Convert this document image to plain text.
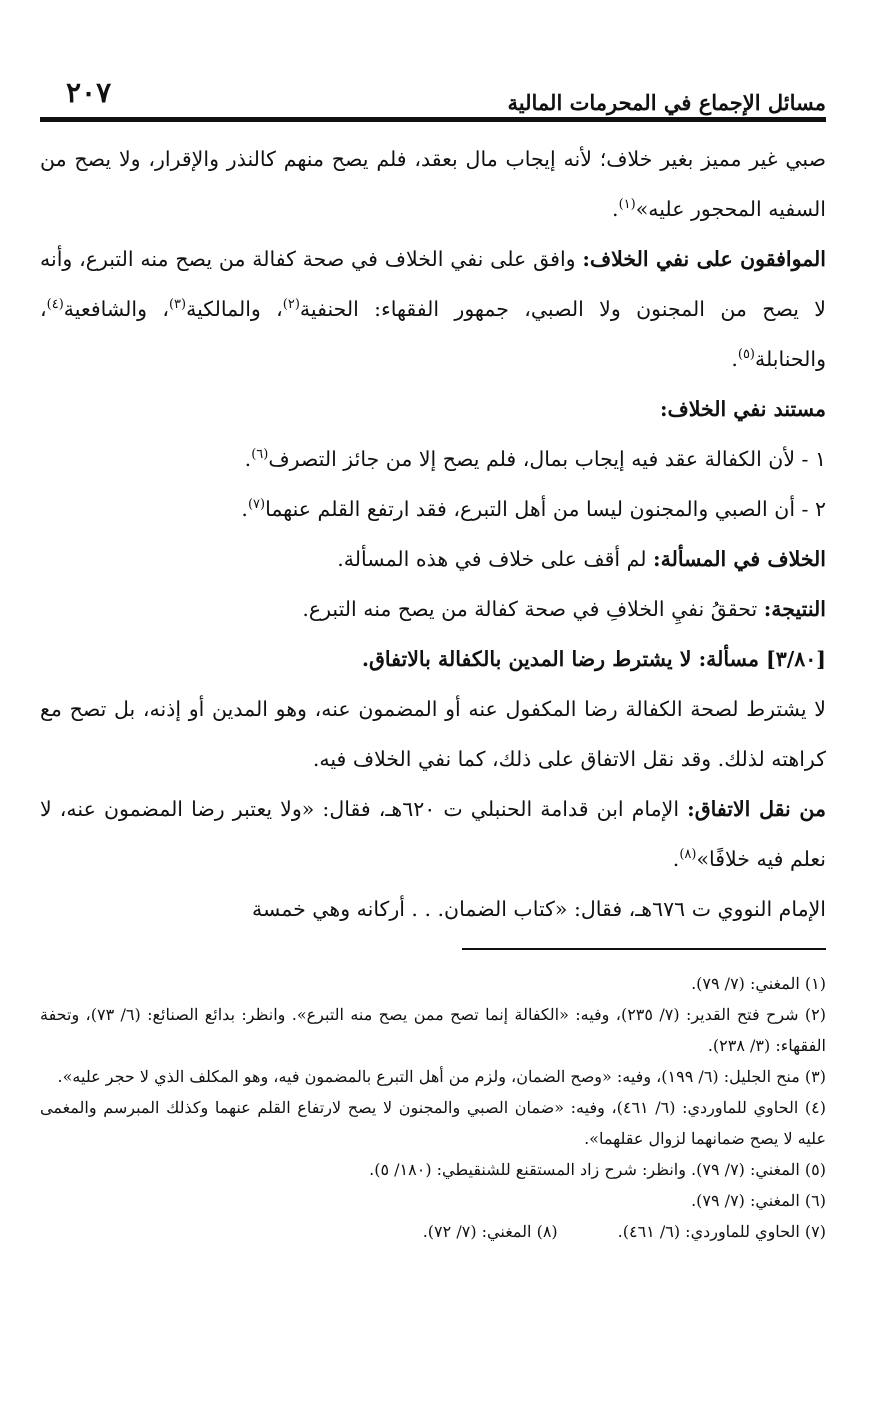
مسائل الإجماع في المحرمات المالية
٢٠٧

صبي غير مميز بغير خلاف؛ لأنه إيجاب مال بعقد، فلم يصح منهم كالنذر والإقرار، ولا يصح من السفيه المحجور عليه»$^{(١)}$.

الموافقون على نفي الخلاف: وافق على نفي الخلاف في صحة كفالة من يصح منه التبرع، وأنه لا يصح من المجنون ولا الصبي، جمهور الفقهاء: الحنفية$^{(٢)}$، والمالكية$^{(٣)}$، والشافعية$^{(٤)}$، والحنابلة$^{(٥)}$.

مستند نفي الخلاف:

١ - لأن الكفالة عقد فيه إيجاب بمال، فلم يصح إلا من جائز التصرف$^{(٦)}$.

٢ - أن الصبي والمجنون ليسا من أهل التبرع، فقد ارتفع القلم عنهما$^{(٧)}$.

الخلاف في المسألة: لم أقف على خلاف في هذه المسألة.

النتيجة: تحققُ نفيِ الخلافِ في صحة كفالة من يصح منه التبرع.

[٣/٨٠] مسألة: لا يشترط رضا المدين بالكفالة بالاتفاق.

لا يشترط لصحة الكفالة رضا المكفول عنه أو المضمون عنه، وهو المدين أو إذنه، بل تصح مع كراهته لذلك. وقد نقل الاتفاق على ذلك، كما نفي الخلاف فيه.

من نقل الاتفاق: الإمام ابن قدامة الحنبلي ت ٦٢٠هـ، فقال: «ولا يعتبر رضا المضمون عنه، لا نعلم فيه خلافًا»$^{(٨)}$.

الإمام النووي ت ٦٧٦هـ، فقال: «كتاب الضمان. . . أركانه وهي خمسة

(١) المغني: (٧/ ٧٩).

(٢) شرح فتح القدير: (٧/ ٢٣٥)، وفيه: «الكفالة إنما تصح ممن يصح منه التبرع». وانظر: بدائع الصنائع: (٦/ ٧٣)، وتحفة الفقهاء: (٣/ ٢٣٨).

(٣) منح الجليل: (٦/ ١٩٩)، وفيه: «وصح الضمان، ولزم من أهل التبرع بالمضمون فيه، وهو المكلف الذي لا حجر عليه».

(٤) الحاوي للماوردي: (٦/ ٤٦١)، وفيه: «ضمان الصبي والمجنون لا يصح لارتفاع القلم عنهما وكذلك المبرسم والمغمى عليه لا يصح ضمانهما لزوال عقلهما».

(٥) المغني: (٧/ ٧٩). وانظر: شرح زاد المستقنع للشنقيطي: (١٨٠/ ٥).

(٦) المغني: (٧/ ٧٩).

(٧) الحاوي للماوردي: (٦/ ٤٦١).

(٨) المغني: (٧/ ٧٢).
